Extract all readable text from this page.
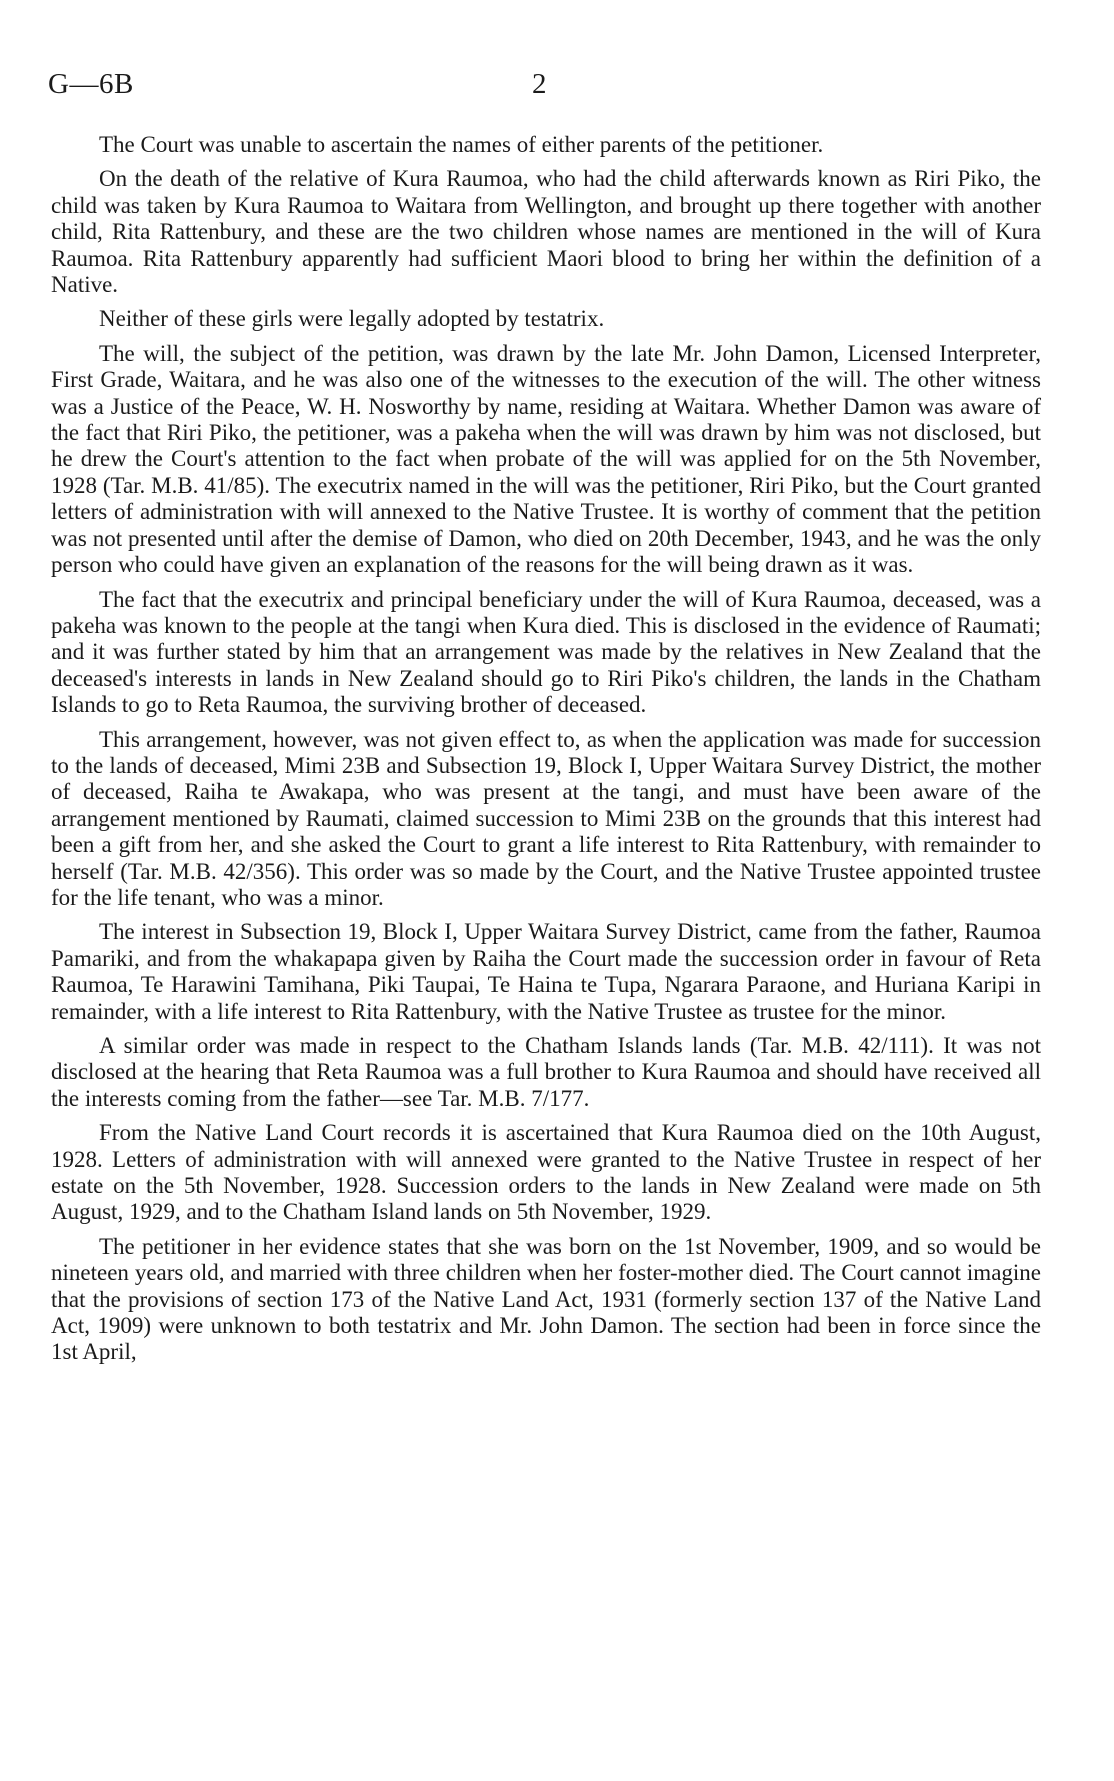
G—6B	2

The Court was unable to ascertain the names of either parents of the petitioner.

On the death of the relative of Kura Raumoa, who had the child afterwards known as Riri Piko, the child was taken by Kura Raumoa to Waitara from Wellington, and brought up there together with another child, Rita Rattenbury, and these are the two children whose names are mentioned in the will of Kura Raumoa. Rita Rattenbury apparently had sufficient Maori blood to bring her within the definition of a Native.

Neither of these girls were legally adopted by testatrix.

The will, the subject of the petition, was drawn by the late Mr. John Damon, Licensed Interpreter, First Grade, Waitara, and he was also one of the witnesses to the execution of the will. The other witness was a Justice of the Peace, W. H. Nosworthy by name, residing at Waitara. Whether Damon was aware of the fact that Riri Piko, the petitioner, was a pakeha when the will was drawn by him was not disclosed, but he drew the Court's attention to the fact when probate of the will was applied for on the 5th November, 1928 (Tar. M.B. 41/85). The executrix named in the will was the petitioner, Riri Piko, but the Court granted letters of administration with will annexed to the Native Trustee. It is worthy of comment that the petition was not presented until after the demise of Damon, who died on 20th December, 1943, and he was the only person who could have given an explanation of the reasons for the will being drawn as it was.

The fact that the executrix and principal beneficiary under the will of Kura Raumoa, deceased, was a pakeha was known to the people at the tangi when Kura died. This is disclosed in the evidence of Raumati; and it was further stated by him that an arrangement was made by the relatives in New Zealand that the deceased's interests in lands in New Zealand should go to Riri Piko's children, the lands in the Chatham Islands to go to Reta Raumoa, the surviving brother of deceased.

This arrangement, however, was not given effect to, as when the application was made for succession to the lands of deceased, Mimi 23B and Subsection 19, Block I, Upper Waitara Survey District, the mother of deceased, Raiha te Awakapa, who was present at the tangi, and must have been aware of the arrangement mentioned by Raumati, claimed succession to Mimi 23B on the grounds that this interest had been a gift from her, and she asked the Court to grant a life interest to Rita Rattenbury, with remainder to herself (Tar. M.B. 42/356). This order was so made by the Court, and the Native Trustee appointed trustee for the life tenant, who was a minor.

The interest in Subsection 19, Block I, Upper Waitara Survey District, came from the father, Raumoa Pamariki, and from the whakapapa given by Raiha the Court made the succession order in favour of Reta Raumoa, Te Harawini Tamihana, Piki Taupai, Te Haina te Tupa, Ngarara Paraone, and Huriana Karipi in remainder, with a life interest to Rita Rattenbury, with the Native Trustee as trustee for the minor.

A similar order was made in respect to the Chatham Islands lands (Tar. M.B. 42/111). It was not disclosed at the hearing that Reta Raumoa was a full brother to Kura Raumoa and should have received all the interests coming from the father—see Tar. M.B. 7/177.

From the Native Land Court records it is ascertained that Kura Raumoa died on the 10th August, 1928. Letters of administration with will annexed were granted to the Native Trustee in respect of her estate on the 5th November, 1928. Succession orders to the lands in New Zealand were made on 5th August, 1929, and to the Chatham Island lands on 5th November, 1929.

The petitioner in her evidence states that she was born on the 1st November, 1909, and so would be nineteen years old, and married with three children when her foster-mother died. The Court cannot imagine that the provisions of section 173 of the Native Land Act, 1931 (formerly section 137 of the Native Land Act, 1909) were unknown to both testatrix and Mr. John Damon. The section had been in force since the 1st April,
